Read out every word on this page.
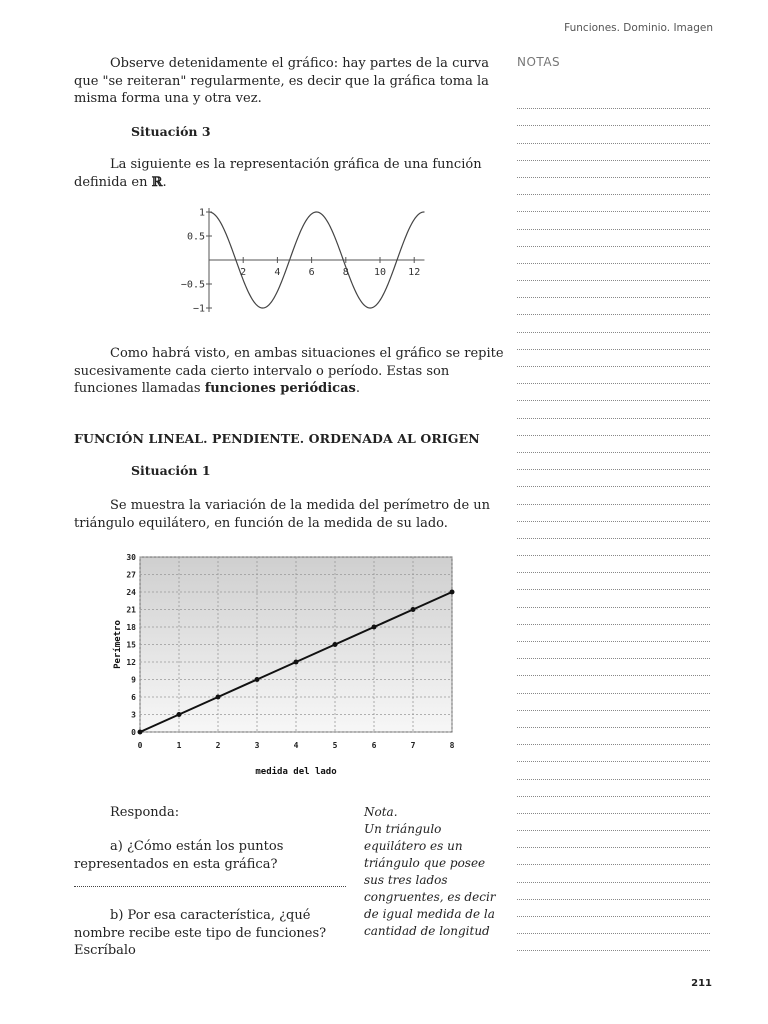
Funciones. Dominio. Imagen
NOTAS

Observe detenidamente el gráfico: hay partes de la curva que "se reiteran" regularmente, es decir que la gráfica toma la misma forma una y otra vez.

Situación 3

La siguiente es la representación gráfica de una función definida en ℝ.

2	4	6	8	10 12
1
0.5
−0.5
−1

Como habrá visto, en ambas situaciones el gráfico se repite sucesivamente cada cierto intervalo o período. Estas son funciones llamadas funciones periódicas.

FUNCIÓN LINEAL. PENDIENTE. ORDENADA AL ORIGEN
Situación 1

Se muestra la variación de la medida del perímetro de un triángulo equilátero, en función de la medida de su lado.

0
3
6
9
12
15
18
21
24
27
30
0	1	2	3	4	5	6	7	8
medida del lado
Perímetro
Responda:

a) ¿Cómo están los puntos representados en esta gráfica?

b) Por esa característica, ¿qué nombre recibe este tipo de funciones? Escríbalo

Nota.
Un triángulo equilátero es un triángulo que posee sus tres lados congruentes, es decir de igual medida de la cantidad de longitud
211
